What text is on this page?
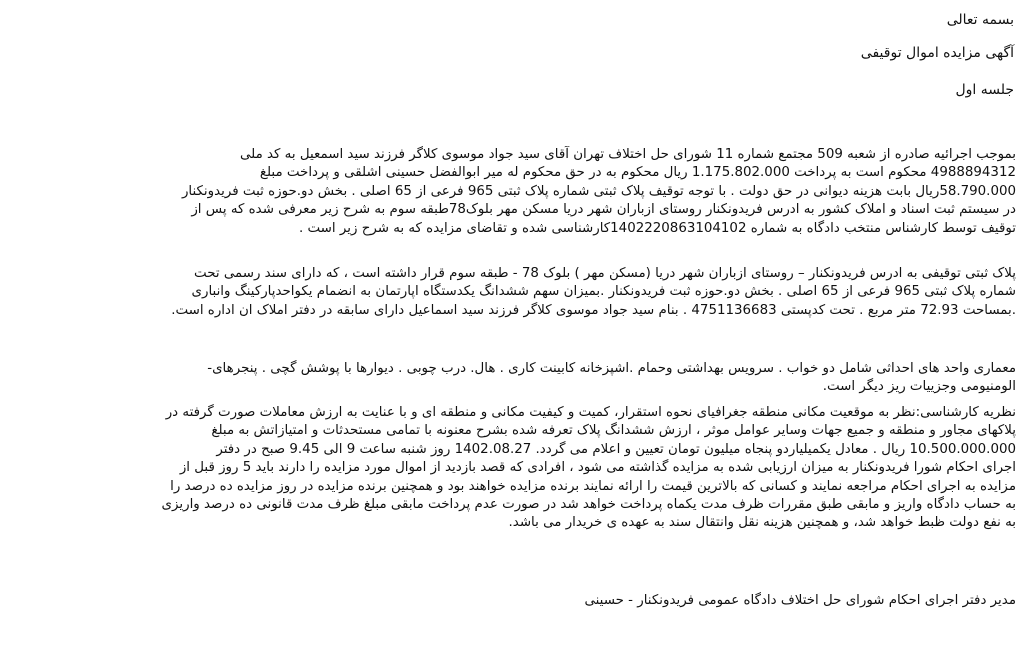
بسمه تعالی
آگهی مزایده اموال توقیفی
جلسه اول
بموجب اجرائیه صادره از شعبه 509 مجتمع شماره 11 شورای حل اختلاف تهران آقای سید جواد موسوی کلاگر فرزند سید اسمعیل به کد ملی
4988894312 محکوم است به پرداخت 1.175.802.000 ریال محکوم به در حق محکوم له میر ابوالفضل حسینی اشلقی و پرداخت مبلغ
58.790.000ریال بابت هزینه دیوانی در حق دولت . با توجه توقیف پلاک ثبتی شماره پلاک ثبتی 965 فرعی از 65 اصلی . بخش دو.حوزه ثبت فریدونکنار
در سیستم ثبت اسناد و املاک کشور به ادرس فریدونکنار روستای ازباران شهر دریا مسکن مهر بلوک78طبقه سوم به شرح زیر معرفی شده که پس از
توقیف توسط کارشناس منتخب دادگاه به شماره 1402220863104102کارشناسی شده و تقاضای مزایده که به شرح زیر است .
پلاک ثبتی توقیفی به ادرس فریدونکنار – روستای ازباران شهر دریا (مسکن مهر ) بلوک 78 - طبقه سوم قرار داشته است ، که دارای سند رسمی تحت
شماره پلاک ثبتی 965 فرعی از 65 اصلی . بخش دو.حوزه ثبت فریدونکنار .بمیزان سهم ششدانگ یکدستگاه اپارتمان به انضمام یکواحدپارکینگ وانباری
.بمساحت 72.93 متر مربع . تحت کدپستی 4751136683 . بنام سید جواد موسوی کلاگر فرزند سید اسماعیل دارای سابقه در دفتر املاک ان اداره است.
معماری واحد های احداثی شامل دو خواب . سرویس بهداشتی وحمام .اشپزخانه کابینت کاری . هال. درب چوبی . دیوارها با پوشش گچی . پنجرهای-
الومنیومی وجزییات ریز دیگر است.
نظریه کارشناسی:نظر به موقعیت مکانی منطقه جغرافیای نحوه استقرار، کمیت و کیفیت مکانی و منطقه ای و با عنایت به ارزش معاملات صورت گرفته در
پلاکهای مجاور و منطقه و جمیع جهات وسایر عوامل موثر ، ارزش ششدانگ پلاک تعرفه شده بشرح معنونه با تمامی مستحدثات و امتیازاتش به مبلغ
10.500.000.000 ریال . معادل یکمیلیاردو پنجاه میلیون تومان تعیین و اعلام می گردد. 1402.08.27 روز شنبه ساعت 9 الی 9.45 صبح در دفتر
اجرای احکام شورا فریدونکنار به میزان ارزیابی شده به مزایده گذاشته می شود ، افرادی که قصد بازدید از اموال مورد مزایده را دارند باید 5 روز قبل از
مزایده به اجرای احکام مراجعه نمایند و کسانی که بالاترین قیمت را ارائه نمایند برنده مزایده خواهند بود و همچنین برنده مزایده در روز مزایده ده درصد را
به حساب دادگاه واریز و مابقی طبق مقررات ظرف مدت یکماه پرداخت خواهد شد در صورت عدم پرداخت مابقی مبلغ ظرف مدت قانونی ده درصد واریزی
به نفع دولت ظبط خواهد شد، و همچنین هزینه نقل وانتقال سند به عهده ی خریدار می باشد.
مدیر دفتر اجرای احکام شورای حل اختلاف دادگاه عمومی فریدونکنار - حسینی
